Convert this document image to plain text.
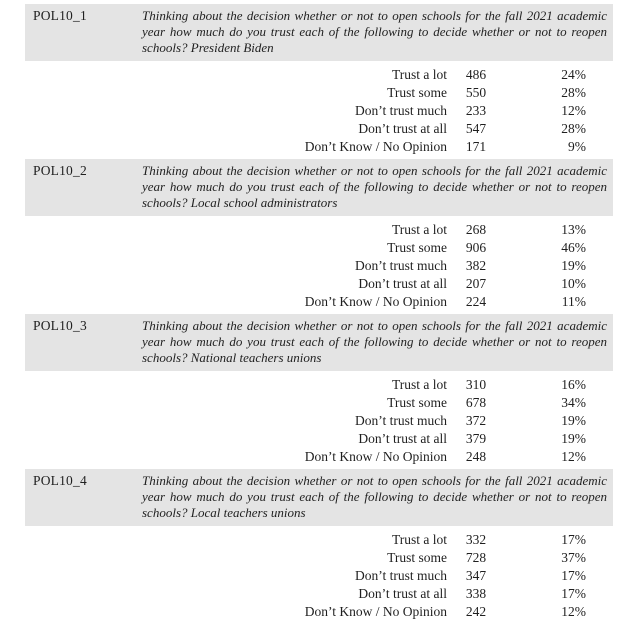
POL10_1	Thinking about the decision whether or not to open schools for the fall 2021 academic year how much do you trust each of the following to decide whether or not to reopen schools? President Biden
Trust a lot	486	24%
Trust some	550	28%
Don’t trust much	233	12%
Don’t trust at all	547	28%
Don’t Know / No Opinion	171	9%
POL10_2	Thinking about the decision whether or not to open schools for the fall 2021 academic year how much do you trust each of the following to decide whether or not to reopen schools? Local school administrators
Trust a lot	268	13%
Trust some	906	46%
Don’t trust much	382	19%
Don’t trust at all	207	10%
Don’t Know / No Opinion	224	11%
POL10_3	Thinking about the decision whether or not to open schools for the fall 2021 academic year how much do you trust each of the following to decide whether or not to reopen schools? National teachers unions
Trust a lot	310	16%
Trust some	678	34%
Don’t trust much	372	19%
Don’t trust at all	379	19%
Don’t Know / No Opinion	248	12%
POL10_4	Thinking about the decision whether or not to open schools for the fall 2021 academic year how much do you trust each of the following to decide whether or not to reopen schools? Local teachers unions
Trust a lot	332	17%
Trust some	728	37%
Don’t trust much	347	17%
Don’t trust at all	338	17%
Don’t Know / No Opinion	242	12%
